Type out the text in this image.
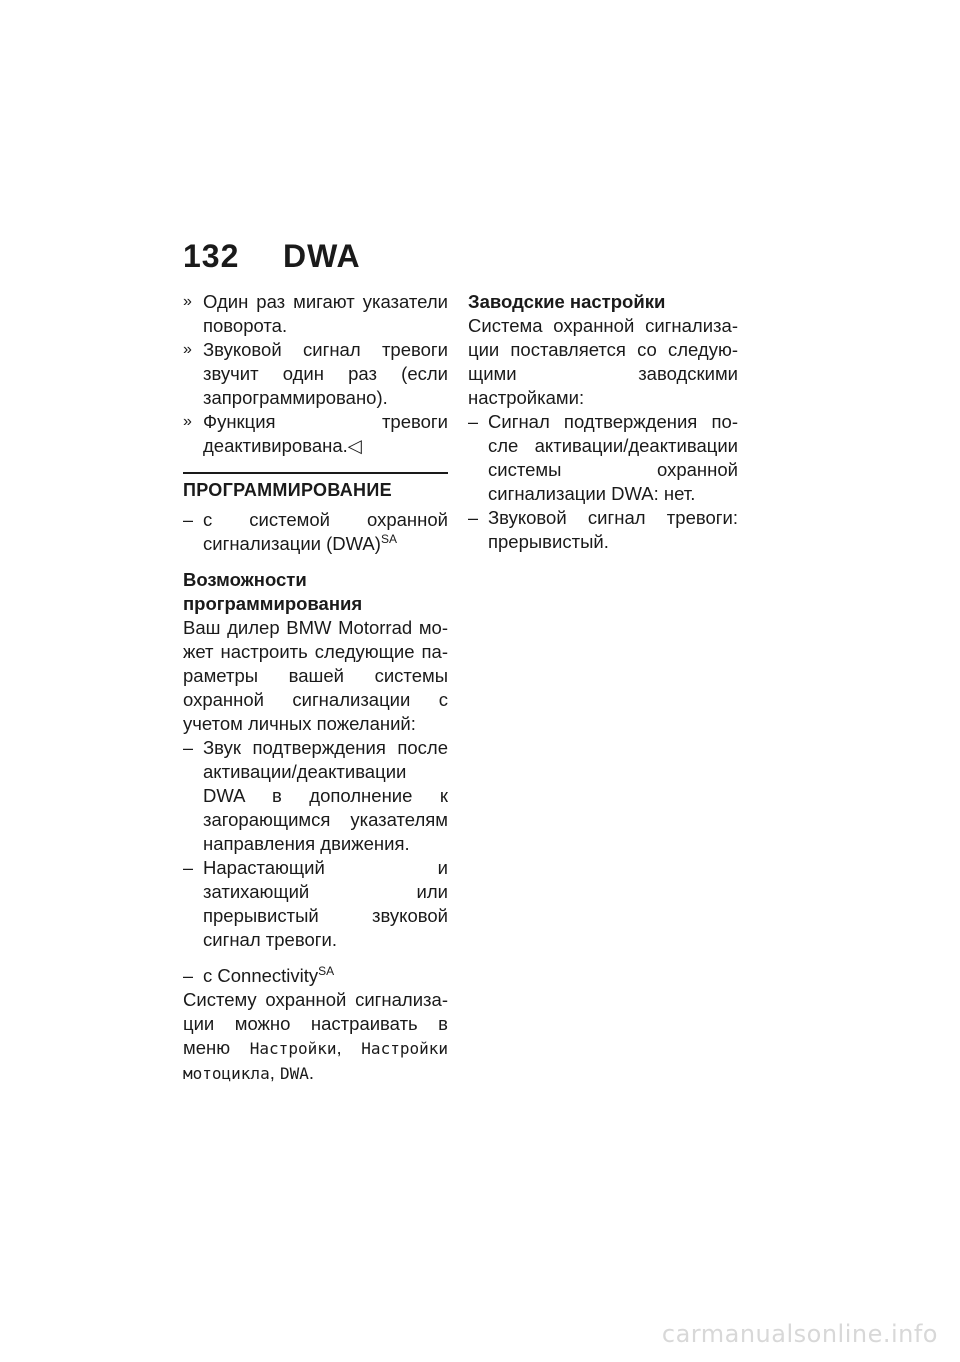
132 DWA
» Один раз мигают указатели поворота.
» Звуковой сигнал тревоги звучит один раз (если запрограммировано).
» Функция тревоги деактивирована.◁
ПРОГРАММИРОВАНИЕ
– с системой охранной сигнализации (DWA)$^{SA}$
Возможности программирования
Ваш дилер BMW Motorrad может настроить следующие параметры вашей системы охранной сигнализации с учетом личных пожеланий:
– Звук подтверждения после активации/деактивации DWA в дополнение к загорающимся указателям направления движения.
– Нарастающий и затихающий или прерывистый звуковой сигнал тревоги.
– с Connectivity$^{SA}$
Систему охранной сигнализации можно настраивать в меню Настройки, Настройки мотоцикла, DWA.
Заводские настройки
Система охранной сигнализации поставляется со следующими заводскими настройками:
– Сигнал подтверждения после активации/деактивации системы охранной сигнализации DWA: нет.
– Звуковой сигнал тревоги: прерывистый.
carmanualsonline.info
